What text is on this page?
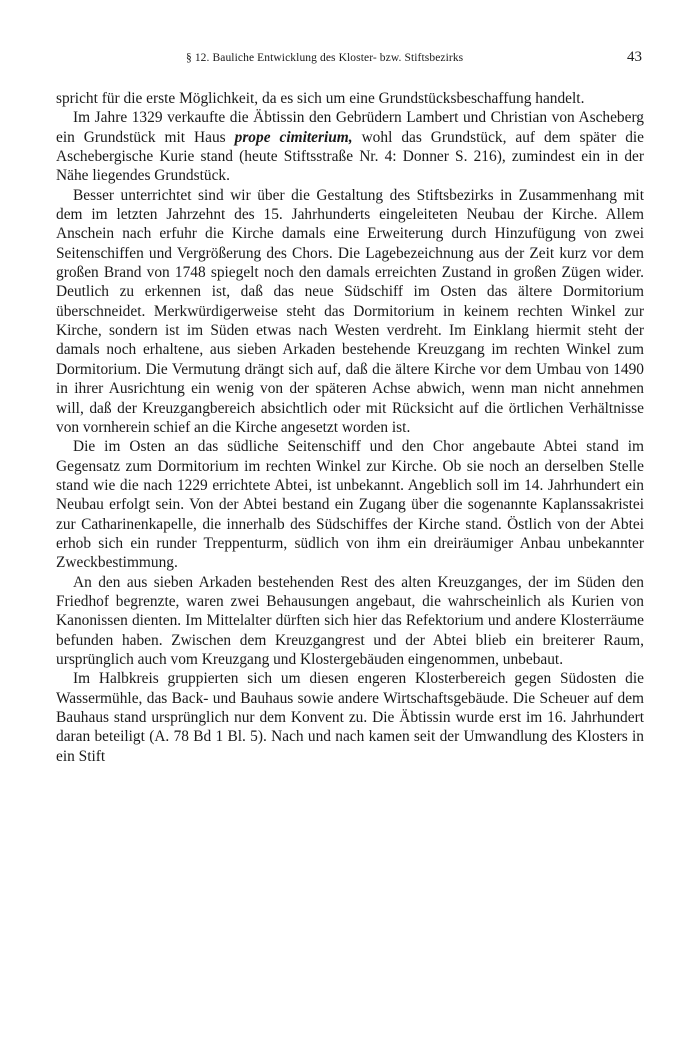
§ 12. Bauliche Entwicklung des Kloster- bzw. Stiftsbezirks	43

spricht für die erste Möglichkeit, da es sich um eine Grundstücksbeschaffung handelt.

Im Jahre 1329 verkaufte die Äbtissin den Gebrüdern Lambert und Christian von Ascheberg ein Grundstück mit Haus prope cimiterium, wohl das Grundstück, auf dem später die Aschebergische Kurie stand (heute Stiftsstraße Nr. 4: Donner S. 216), zumindest ein in der Nähe liegendes Grundstück.

Besser unterrichtet sind wir über die Gestaltung des Stiftsbezirks in Zusammenhang mit dem im letzten Jahrzehnt des 15. Jahrhunderts eingeleiteten Neubau der Kirche. Allem Anschein nach erfuhr die Kirche damals eine Erweiterung durch Hinzufügung von zwei Seitenschiffen und Vergrößerung des Chors. Die Lagebezeichnung aus der Zeit kurz vor dem großen Brand von 1748 spiegelt noch den damals erreichten Zustand in großen Zügen wider. Deutlich zu erkennen ist, daß das neue Südschiff im Osten das ältere Dormitorium überschneidet. Merkwürdigerweise steht das Dormitorium in keinem rechten Winkel zur Kirche, sondern ist im Süden etwas nach Westen verdreht. Im Einklang hiermit steht der damals noch erhaltene, aus sieben Arkaden bestehende Kreuzgang im rechten Winkel zum Dormitorium. Die Vermutung drängt sich auf, daß die ältere Kirche vor dem Umbau von 1490 in ihrer Ausrichtung ein wenig von der späteren Achse abwich, wenn man nicht annehmen will, daß der Kreuzgangbereich absichtlich oder mit Rücksicht auf die örtlichen Verhältnisse von vornherein schief an die Kirche angesetzt worden ist.

Die im Osten an das südliche Seitenschiff und den Chor angebaute Abtei stand im Gegensatz zum Dormitorium im rechten Winkel zur Kirche. Ob sie noch an derselben Stelle stand wie die nach 1229 errichtete Abtei, ist unbekannt. Angeblich soll im 14. Jahrhundert ein Neubau erfolgt sein. Von der Abtei bestand ein Zugang über die sogenannte Kaplanssakristei zur Catharinenkapelle, die innerhalb des Südschiffes der Kirche stand. Östlich von der Abtei erhob sich ein runder Treppenturm, südlich von ihm ein dreiräumiger Anbau unbekannter Zweckbestimmung.

An den aus sieben Arkaden bestehenden Rest des alten Kreuzganges, der im Süden den Friedhof begrenzte, waren zwei Behausungen angebaut, die wahrscheinlich als Kurien von Kanonissen dienten. Im Mittelalter dürften sich hier das Refektorium und andere Klosterräume befunden haben. Zwischen dem Kreuzgangrest und der Abtei blieb ein breiterer Raum, ursprünglich auch vom Kreuzgang und Klostergebäuden eingenommen, unbebaut.

Im Halbkreis gruppierten sich um diesen engeren Klosterbereich gegen Südosten die Wassermühle, das Back- und Bauhaus sowie andere Wirtschaftsgebäude. Die Scheuer auf dem Bauhaus stand ursprünglich nur dem Konvent zu. Die Äbtissin wurde erst im 16. Jahrhundert daran beteiligt (A. 78 Bd 1 Bl. 5). Nach und nach kamen seit der Umwandlung des Klosters in ein Stift
